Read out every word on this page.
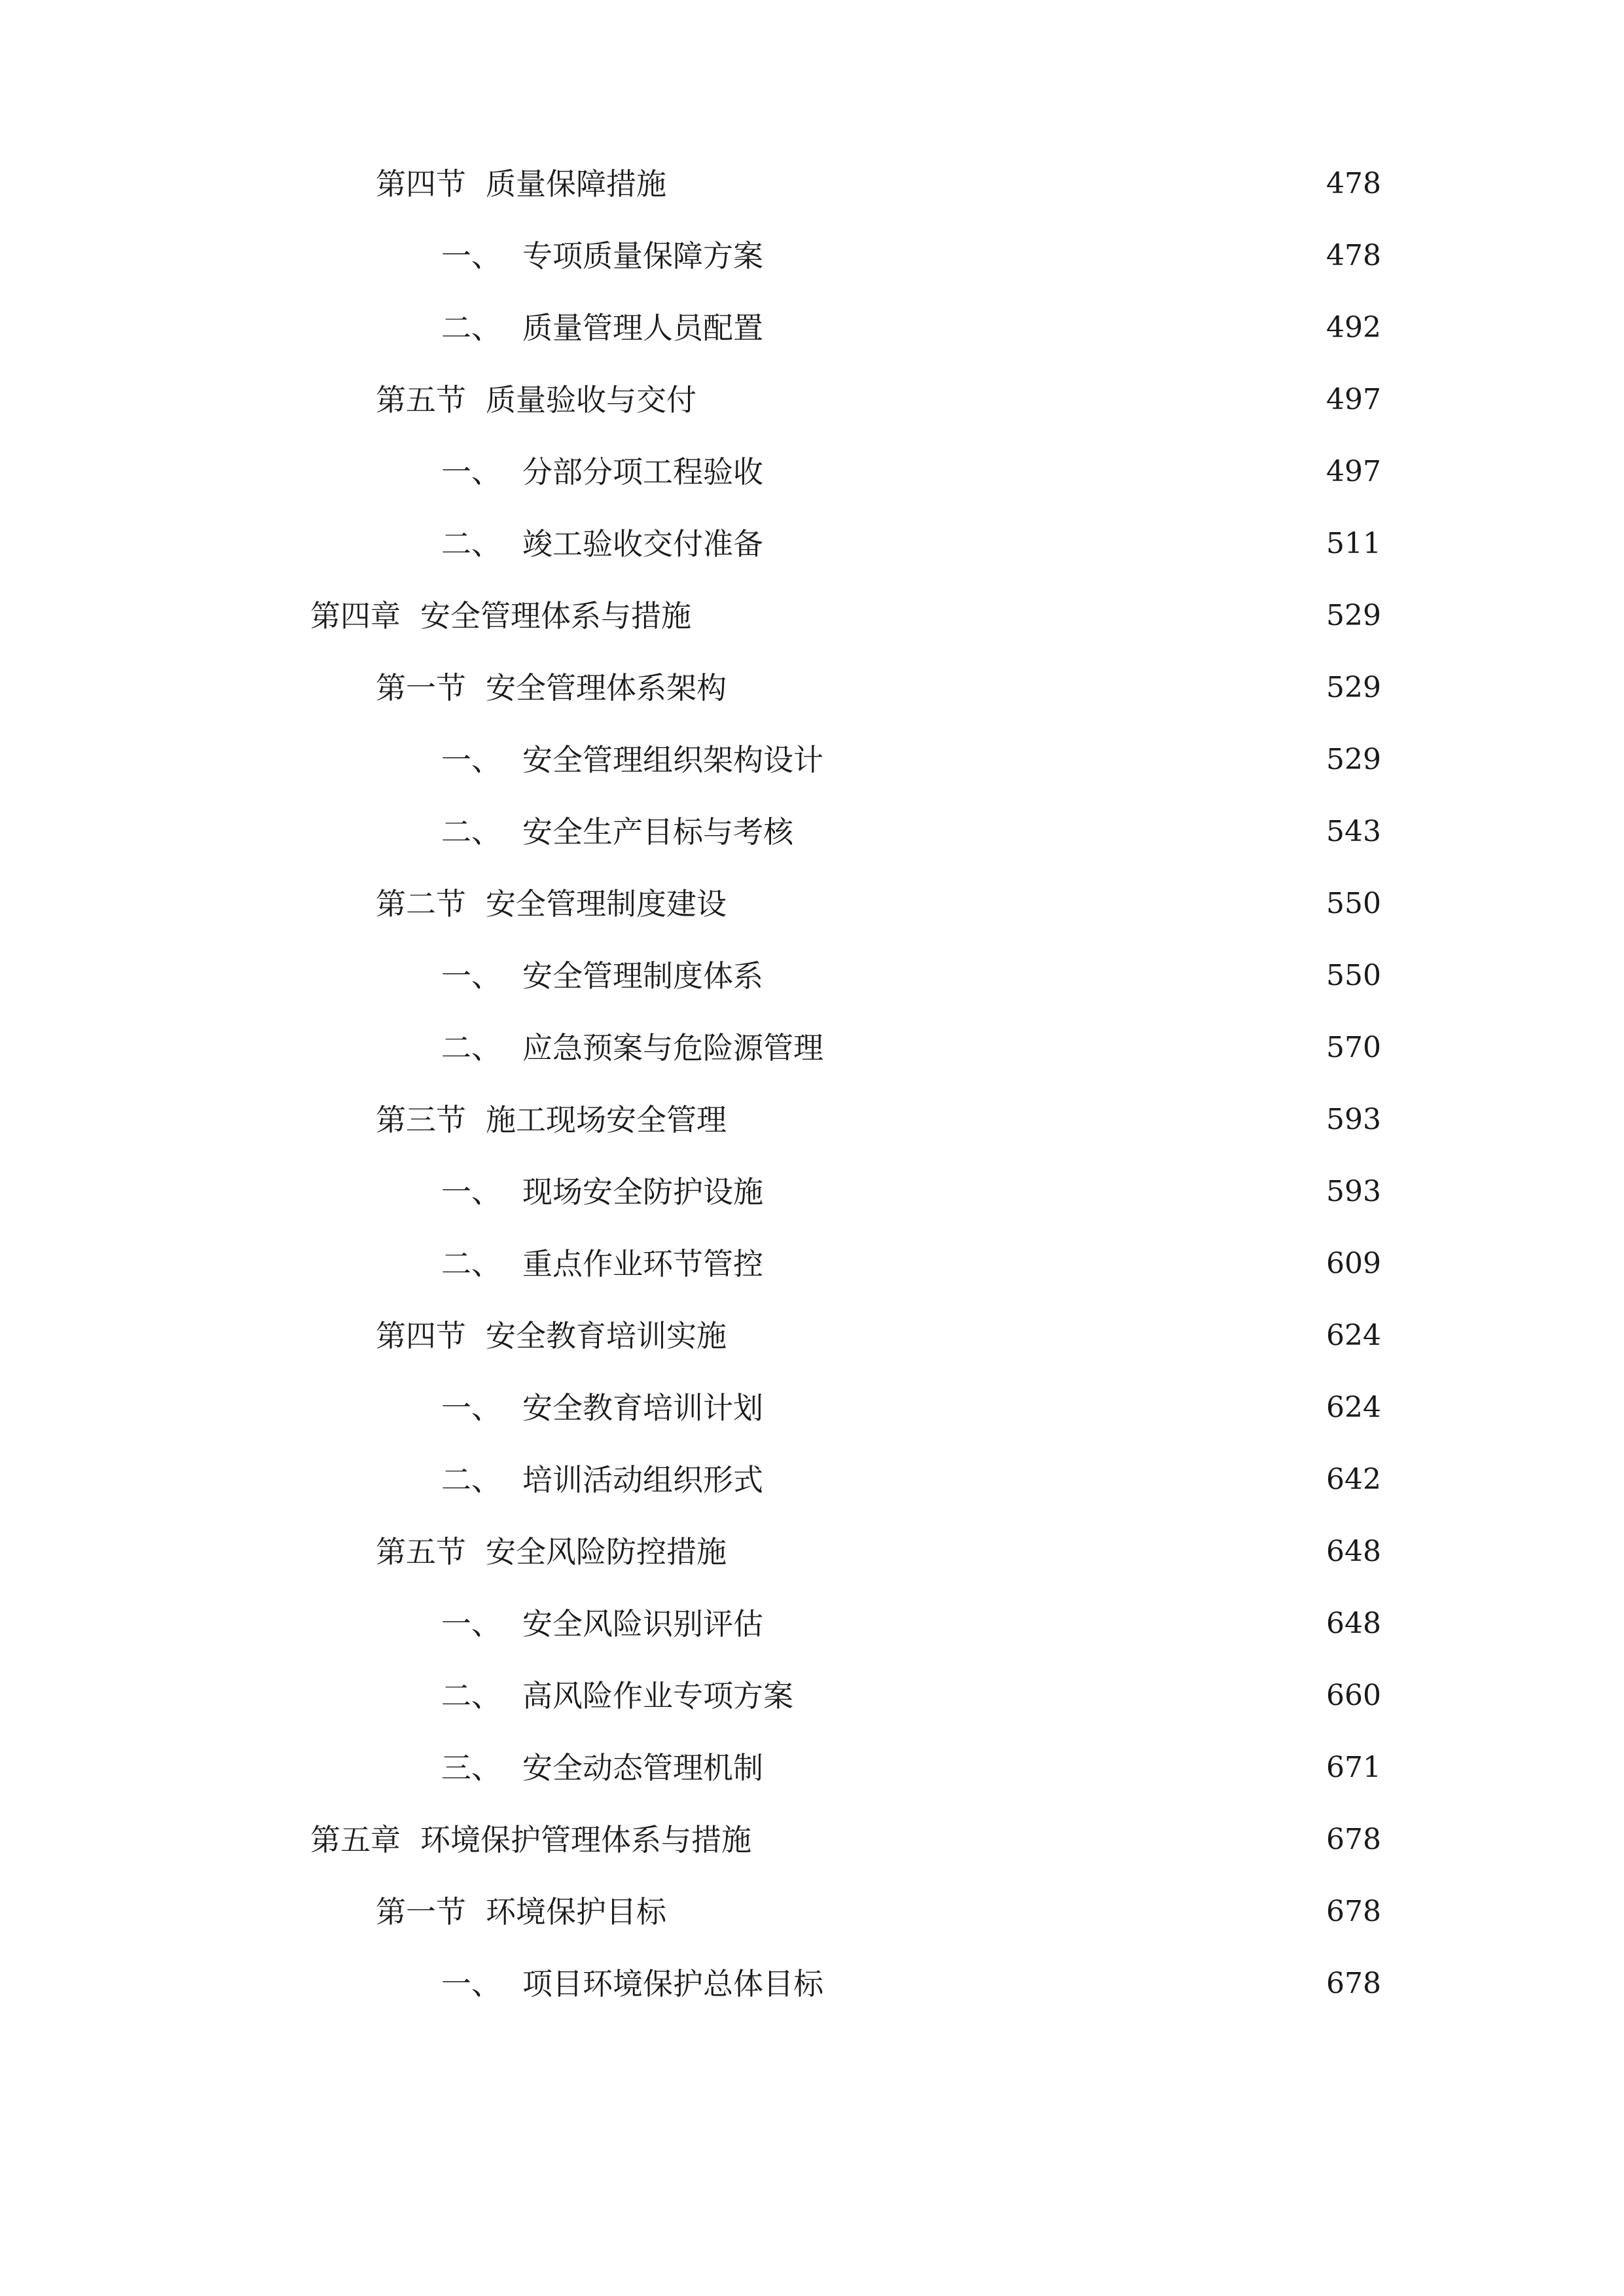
第四节 质量保障措施	478
一、 专项质量保障方案	478
二、 质量管理人员配置	492
第五节 质量验收与交付	497
一、 分部分项工程验收	497
二、 竣工验收交付准备	511
第四章 安全管理体系与措施	529
第一节 安全管理体系架构	529
一、 安全管理组织架构设计	529
二、 安全生产目标与考核	543
第二节 安全管理制度建设	550
一、 安全管理制度体系	550
二、 应急预案与危险源管理	570
第三节 施工现场安全管理	593
一、 现场安全防护设施	593
二、 重点作业环节管控	609
第四节 安全教育培训实施	624
一、 安全教育培训计划	624
二、 培训活动组织形式	642
第五节 安全风险防控措施	648
一、 安全风险识别评估	648
二、 高风险作业专项方案	660
三、 安全动态管理机制	671
第五章 环境保护管理体系与措施	678
第一节 环境保护目标	678
一、 项目环境保护总体目标	678
